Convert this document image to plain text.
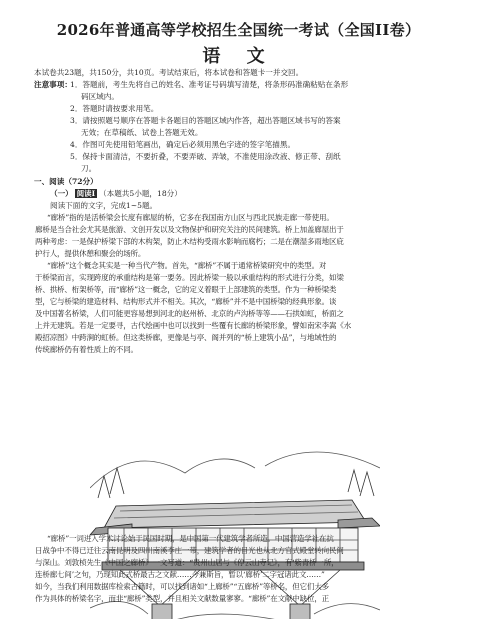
2026年普通高等学校招生全国统一考试（全国II卷）
语 文
本试卷共23题，共150分，共10页。考试结束后，将本试卷和答题卡一并交回。
注意事项：
1．答题前，考生先将自己的姓名、准考证号码填写清楚，将条形码准确粘贴在条形
码区域内。
2．答题时请按要求用笔。
3．请按照题号顺序在答题卡各题目的答题区域内作答，超出答题区域书写的答案
无效；在草稿纸、试卷上答题无效。
4．作图可先使用铅笔画出，确定后必须用黑色字迹的签字笔描黑。
5．保持卡面清洁，不要折叠，不要弄破、弄皱，不准使用涂改液、修正带、刮纸
刀。
一、阅读（72分）
（一） 阅读Ⅰ （本题共5小题，18分）
阅读下面的文字，完成1~5题。
“廊桥”指的是活桥梁会长度有廊屋的桥，它多在我国南方山区与西北民族走廊一带使用。
廊桥是当合社会尤其是旅游、文创开发以及文物保护和研究关注的民间建筑。桥上加盖廊屋出于
两种考虑：一是保护桥梁下部的木构架，防止木结构受雨水影响而腐朽；二是在潮湿多雨地区庇
护行人，提供休憩和聚会的场所。
“廊桥”这个概念其实是一种当代产物。首先，“廊桥”不属于通常桥梁研究中的类型。对
于桥梁而言，实现跨度的承重结构是第一要务。因此桥梁一般以承重结构的形式进行分类，如梁
桥、拱桥、桁架桥等，而“廊桥”这一概念，它的定义着眼于上部建筑的类型。作为一种桥梁类
型，它与桥梁的建造材料、结构形式并不相关。其次，“廊桥”并不是中国桥梁的经典形象。谈
及中国著名桥梁，人们可能更容易想到河北的赵州桥、北京的卢沟桥等等——石拱如虹，桥面之
上并无建筑。若是一定要寻，古代绘画中也可以找到一些覆有长廊的桥梁形象，譬如南宋李嵩《水
殿招凉图》中跨涧的虹桥。但这类桥廊，更像是与亭、阁并列的“桥上建筑小品”，与地域性的
传统廊桥仍有着性质上的不同。
“廊桥”一词进入学术讨论始于民国时期，是中国第一代建筑学者所造。中国营造学社在抗
日战争中不得已迁往云南昆明及四川南溪李庄一带，建筑学者的目光也从北方官式殿堂转向民间
与深山。刘敦桢先生《中国之廊桥》一文写道：“贵州山居与《停云山寺记》，有‘紫青桥一所，
连桥廊七间’之句，乃现知此式桥最古之文献……今兼斯旨，暂以‘廊桥’二字冠诸此文……”
如今，当我们利用数据库检索古籍时，可以找到诸如“上廊桥”“五廊桥”等桥名，但它们大多
作为具体的桥梁名字，而非“廊桥”类型，并且相关文献数量寥寥。“廊桥”在文献中缺位，正
